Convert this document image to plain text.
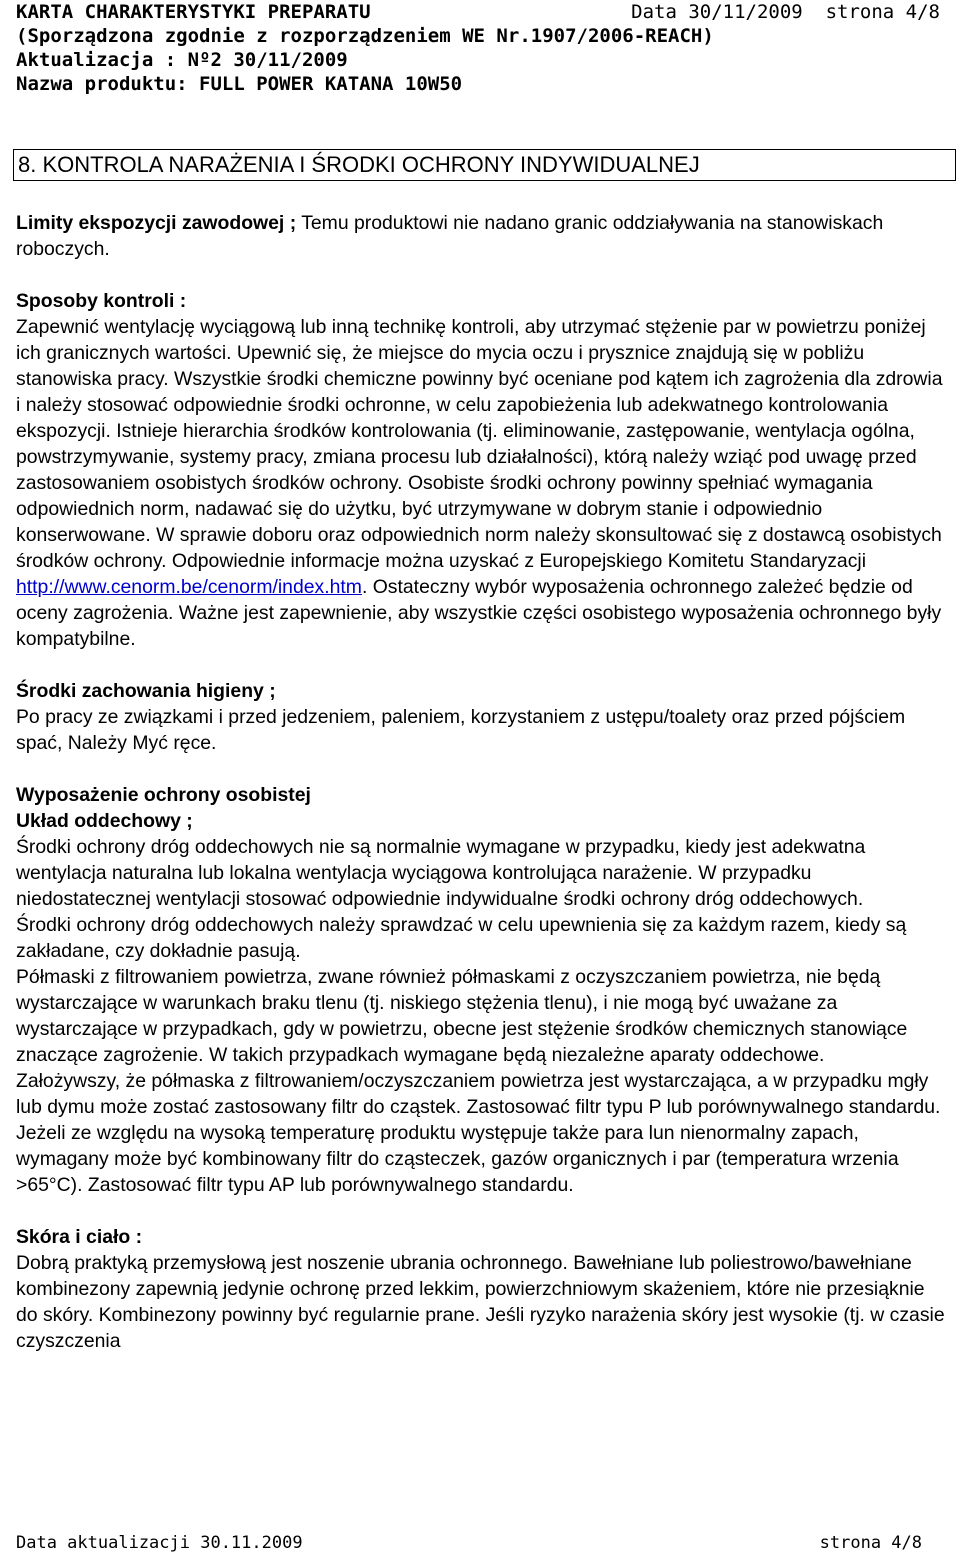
KARTA CHARAKTERYSTYKI PREPARATU	Data 30/11/2009 strona 4/8
(Sporządzona zgodnie z rozporządzeniem WE Nr.1907/2006-REACH)
Aktualizacja : Nº2 30/11/2009
Nazwa produktu: FULL POWER KATANA 10W50
8. KONTROLA NARAŻENIA I ŚRODKI OCHRONY INDYWIDUALNEJ

Limity ekspozycji zawodowej ; Temu produktowi nie nadano granic oddziaływania na stanowiskach roboczych.

Sposoby kontroli :

Zapewnić wentylację wyciągową lub inną technikę kontroli, aby utrzymać stężenie par w powietrzu poniżej ich granicznych wartości. Upewnić się, że miejsce do mycia oczu i prysznice znajdują się w pobliżu stanowiska pracy. Wszystkie środki chemiczne powinny być oceniane pod kątem ich zagrożenia dla zdrowia i należy stosować odpowiednie środki ochronne, w celu zapobieżenia lub adekwatnego kontrolowania ekspozycji. Istnieje hierarchia środków kontrolowania (tj. eliminowanie, zastępowanie, wentylacja ogólna, powstrzymywanie, systemy pracy, zmiana procesu lub działalności), którą należy wziąć pod uwagę przed zastosowaniem osobistych środków ochrony. Osobiste środki ochrony powinny spełniać wymagania odpowiednich norm, nadawać się do użytku, być utrzymywane w dobrym stanie i odpowiednio konserwowane. W sprawie doboru oraz odpowiednich norm należy skonsultować się z dostawcą osobistych środków ochrony. Odpowiednie informacje można uzyskać z Europejskiego Komitetu Standaryzacji http://www.cenorm.be/cenorm/index.htm. Ostateczny wybór wyposażenia ochronnego zależeć będzie od oceny zagrożenia. Ważne jest zapewnienie, aby wszystkie części osobistego wyposażenia ochronnego były kompatybilne.

Środki zachowania higieny ;

Po pracy ze związkami i przed jedzeniem, paleniem, korzystaniem z ustępu/toalety oraz przed pójściem spać, Należy Myć ręce.

Wyposażenie ochrony osobistej

Układ oddechowy ;

Środki ochrony dróg oddechowych nie są normalnie wymagane w przypadku, kiedy jest adekwatna wentylacja naturalna lub lokalna wentylacja wyciągowa kontrolująca narażenie. W przypadku niedostatecznej wentylacji stosować odpowiednie indywidualne środki ochrony dróg oddechowych.

Środki ochrony dróg oddechowych należy sprawdzać w celu upewnienia się za każdym razem, kiedy są zakładane, czy dokładnie pasują.

Półmaski z filtrowaniem powietrza, zwane również półmaskami z oczyszczaniem powietrza, nie będą wystarczające w warunkach braku tlenu (tj. niskiego stężenia tlenu), i nie mogą być uważane za wystarczające w przypadkach, gdy w powietrzu, obecne jest stężenie środków chemicznych stanowiące znaczące zagrożenie. W takich przypadkach wymagane będą niezależne aparaty oddechowe.

Założywszy, że półmaska z filtrowaniem/oczyszczaniem powietrza jest wystarczająca, a w przypadku mgły lub dymu może zostać zastosowany filtr do cząstek. Zastosować filtr typu P lub porównywalnego standardu. Jeżeli ze względu na wysoką temperaturę produktu występuje także para lun nienormalny zapach, wymagany może być kombinowany filtr do cząsteczek, gazów organicznych i par (temperatura wrzenia >65°C). Zastosować filtr typu AP lub porównywalnego standardu.

Skóra i ciało :

Dobrą praktyką przemysłową jest noszenie ubrania ochronnego. Bawełniane lub poliestrowo/bawełniane kombinezony zapewnią jedynie ochronę przed lekkim, powierzchniowym skażeniem, które nie przesiąknie do skóry. Kombinezony powinny być regularnie prane. Jeśli ryzyko narażenia skóry jest wysokie (tj. w czasie czyszczenia

Data aktualizacji 30.11.2009	strona 4/8
